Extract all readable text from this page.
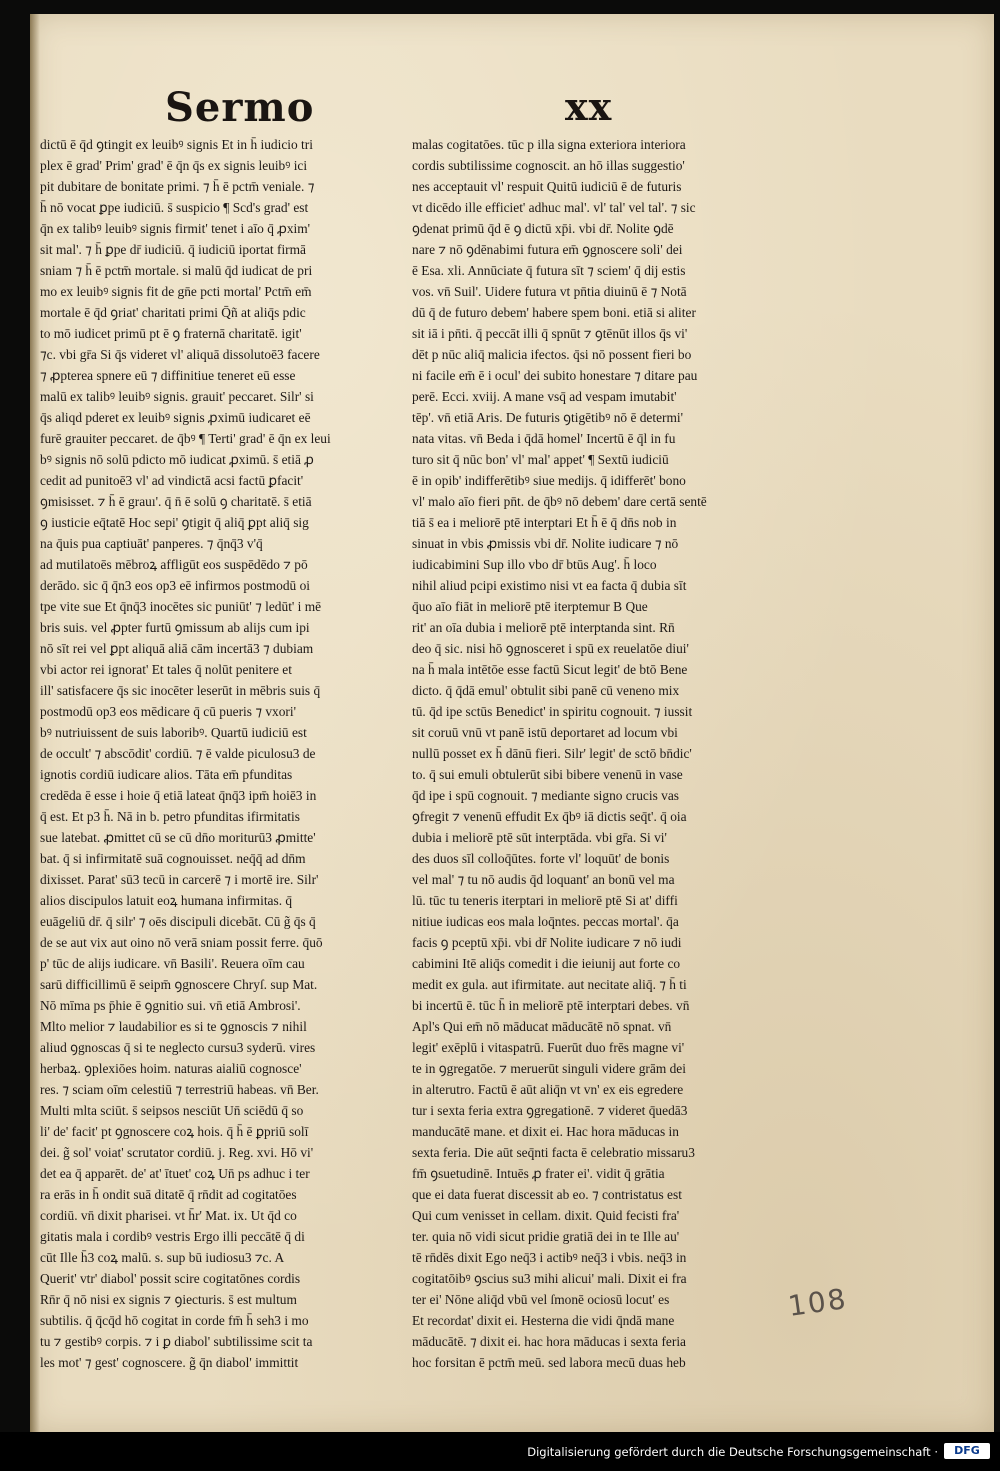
Sermo	xx
dictū ē q̄d ꝯtingit ex leuibꝰ signis Et in h̄ iudicio tri
plex ē grad' Prim' grad' ē q̄n q̄s ex signis leuibꝰ ici
pit dubitare de bonitate primi. ⁊ h̄ ē pctm̄ veniale. ⁊
h̄ nō vocat ꝑpe iudiciū. s̄ suspicio ¶ Scd's grad' est
q̄n ex talibꝰ leuibꝰ signis firmit' tenet i aīo q̄ ꝓxim'
sit mal'. ⁊ h̄ ꝑpe dr̄ iudiciū. q̄ iudiciū iportat firmā
sniam ⁊ h̄ ē pctm̄ mortale. si malū q̄d iudicat de pri
mo ex leuibꝰ signis fit de gn̄e pcti mortal' Pctm̄ em̄
mortale ē q̄d ꝯriat' charitati primi Q̄ñ at aliq̄s pdic
to mō iudicet primū pt ē ꝯ fraternā charitatē. igit'
⁊c. vbi gr̄a Si q̄s videret vl' aliquā dissolutoē3 facere
⁊ ꝓpterea spnere eū ⁊ diffinitiue teneret eū esse
malū ex talibꝰ leuibꝰ signis. grauit' peccaret. Silr' si
q̄s aliqd pderet ex leuibꝰ signis ꝓximū iudicaret eē
furē grauiter peccaret. de q̄bꝰ ¶ Terti' grad' ē q̄n ex leui
bꝰ signis nō solū pdicto mō iudicat ꝓximū. s̄ etiā ꝓ
cedit ad punitoē3 vl' ad vindictā acsi factū ꝑfacit'
ꝯmisisset. ⁊ h̄ ē grauı'. q̄ n̄ ē solū ꝯ charitatē. s̄ etiā
ꝯ iusticie eq̄tatē Hoc sepi' ꝯtigit q̄ aliq̄ ꝑpt aliq̄ sig
na q̄uis pua captiuāt' panperes. ⁊ q̄nq̄3 v'q̄
ad mutilatoēs mēbroꝝ affligūt eos suspēdēdo ⁊ pō
derādo. sic q̄ q̄n3 eos op3 eē infirmos postmodū oi
tpe vite sue Et q̄nq̄3 inocētes sic puniūt' ⁊ ledūt' i mē
bris suis. vel ꝓpter furtū ꝯmissum ab alijs cum ipi
nō sīt rei vel ꝑpt aliquā aliā cām incertā3 ⁊ dubiam
vbi actor rei ignorat' Et tales q̄ nolūt penitere et
ill' satisfacere q̄s sic inocēter leserūt in mēbris suis q̄
postmodū op3 eos mēdicare q̄ cū pueris ⁊ vxori'
bꝰ nutriuissent de suis laboribꝰ. Quartū iudiciū est
de occult' ⁊ abscōdit' cordiū. ⁊ ē valde piculosu3 de
ignotis cordiū iudicare alios. Tāta em̄ pfunditas
credēda ē esse i hoie q̄ etiā lateat q̄nq̄3 ipm̄ hoiē3 in
q̄ est. Et p3 h̄. Nā in b. petro pfunditas ifirmitatis
sue latebat. ꝓmittet cū se cū dn̄o moriturū3 ꝓmitte'
bat. q̄ si infirmitatē suā cognouisset. neq̄q̄ ad dn̄m
dixisset. Parat' sū3 tecū in carcerē ⁊ i mortē ire. Silr'
alios discipulos latuit eoꝝ humana infirmitas. q̄
euāgeliū dr̄. q̄ silr' ⁊ oēs discipuli dicebāt. Cū g̃ q̄s q̄
de se aut vix aut oino nō verā sniam possit ferre. q̄uō
p' tūc de alijs iudicare. vn̄ Basili'. Reuera oīm cau
sarū difficillimū ē seipm̄ ꝯgnoscere Chryſ. sup Mat.
Nō mīma ps p̄hie ē ꝯgnitio sui. vn̄ etiā Ambrosi'.
Mlto melior ⁊ laudabilior es si te ꝯgnoscis ⁊ nihil
aliud ꝯgnoscas q̄ si te neglecto cursu3 syderū. vires
herbaꝝ. ꝯplexiōes hoim. naturas aialiū cognosce'
res. ⁊ sciam oīm celestiū ⁊ terrestriū habeas. vn̄ Ber.
Multi mlta sciūt. s̄ seipsos nesciūt Un̄ sciēdū q̄ so
li' de' facit' pt ꝯgnoscere coꝝ hois. q̄ h̄ ē ꝑpriū solī
dei. g̃ sol' voiat' scrutator cordiū. j. Reg. xvi. Hō vi'
det ea q̄ apparēt. de' at' ītuet' coꝝ Un̄ ps adhuc i ter
ra erās in h̄ ondit suā ditatē q̄ rn̄dit ad cogitatōes
cordiū. vn̄ dixit pharisei. vt h̄r' Mat. ix. Ut q̄d co
gitatis mala i cordibꝰ vestris Ergo illi peccātē q̄ di
cūt Ille h̄3 coꝝ malū. s. sup bū iudiosu3 ⁊c. A
Querit' vtr' diabol' possit scire cogitatōnes cordis
Rn̄r q̄ nō nisi ex signis ⁊ ꝯiecturis. s̄ est multum
subtilis. q̄ q̄cq̄d hō cogitat in corde fm̄ h̄ seh3 i mo
tu ⁊ gestibꝰ corpis. ⁊ i ꝑ diabol' subtilissime scit ta
les mot' ⁊ gest' cognoscere. g̃ q̄n diabol' immittit
malas cogitatōes. tūc p illa signa exteriora interiora
cordis subtilissime cognoscit. an hō illas suggestio'
nes acceptauit vl' respuit Quitū iudiciū ē de futuris
vt dicēdo ille efficiet' adhuc mal'. vl' tal' vel tal'. ⁊ sic
ꝯdenat primū q̄d ē ꝯ dictū xp̄i. vbi dr̄. Nolite ꝯdē
nare ⁊ nō ꝯdēnabimi futura em̄ ꝯgnoscere soli' dei
ē Esa. xli. Annūciate q̄ futura sīt ⁊ sciem' q̄ dij estis
vos. vn̄ Suil'. Uidere futura vt pn̄tia diuinū ē ⁊ Notā
dū q̄ de futuro debem' habere spem boni. etiā si aliter
sit iā i pn̄ti. q̄ peccāt illi q̄ spnūt ⁊ ꝯtēnūt illos q̄s vi'
dēt p nūc aliq̄ malicia ifectos. q̄si nō possent fieri bo
ni facile em̄ ē i ocul' dei subito honestare ⁊ ditare pau
perē. Ecci. xviij. A mane vsq̄ ad vespam imutabit'
tēp'. vn̄ etiā Aris. De futuris ꝯtigētibꝰ nō ē determi'
nata vitas. vn̄ Beda i q̄dā homel' Incertū ē q̄l in fu
turo sit q̄ nūc bon' vl' mal' appet' ¶ Sextū iudiciū
ē in opib' indifferētibꝰ siue medijs. q̄ idifferēt' bono
vl' malo aīo fieri pn̄t. de q̄bꝰ nō debem' dare certā sentē
tiā s̄ ea i meliorē ptē interptari Et h̄ ē q̄ dn̄s nob in
sinuat in vbis ꝓmissis vbi dr̄. Nolite iudicare ⁊ nō
iudicabimini Sup illo vbo dr̄ btūs Aug'. h̄ loco
nihil aliud pcipi existimo nisi vt ea facta q̄ dubia sīt
q̄uo aīo fiāt in meliorē ptē iterptemur B Que
rit' an oīa dubia i meliorē ptē interptanda sint. Rn̄
deo q̄ sic. nisi hō ꝯgnosceret i spū ex reuelatōe diui'
na h̄ mala intētōe esse factū Sicut legit' de btō Bene
dicto. q̄ q̄dā emul' obtulit sibi panē cū veneno mix
tū. q̄d ipe sctūs Benedict' in spiritu cognouit. ⁊ iussit
sit coruū vnū vt panē istū deportaret ad locum vbi
nullū posset ex h̄ dānū fieri. Silr' legit' de sctō bn̄dic'
to. q̄ sui emuli obtulerūt sibi bibere venenū in vase
q̄d ipe i spū cognouit. ⁊ mediante signo crucis vas
ꝯfregit ⁊ venenū effudit Ex q̄bꝰ iā dictis seq̄t'. q̄ oia
dubia i meliorē ptē sūt interptāda. vbi gr̄a. Si vi'
des duos sīl colloq̄ūtes. forte vl' loquūt' de bonis
vel mal' ⁊ tu nō audis q̄d loquant' an bonū vel ma
lū. tūc tu teneris iterptari in meliorē ptē Si at' diffi
nitiue iudicas eos mala loq̄ntes. peccas mortal'. q̄a
facis ꝯ pceptū xp̄i. vbi dr̄ Nolite iudicare ⁊ nō iudi
cabimini Itē aliq̄s comedit i die ieiunij aut forte co
medit ex gula. aut ifirmitate. aut necitate aliq̄. ⁊ h̄ ti
bi incertū ē. tūc h̄ in meliorē ptē interptari debes. vn̄
Apl's Qui em̄ nō māducat māducātē nō spnat. vn̄
legit' exēplū i vitaspatrū. Fuerūt duo frēs magne vi'
te in ꝯgregatōe. ⁊ meruerūt singuli videre grām dei
in alterutro. Factū ē aūt aliq̄n vt vn' ex eis egredere
tur i sexta feria extra ꝯgregationē. ⁊ videret q̄uedā3
manducātē mane. et dixit ei. Hac hora māducas in
sexta feria. Die aūt seq̄nti facta ē celebratio missaru3
fm̄ ꝯsuetudinē. Intuēs ꝓ frater ei'. vidit q̄ grātia
que ei data fuerat discessit ab eo. ⁊ contristatus est
Qui cum venisset in cellam. dixit. Quid fecisti fra'
ter. quia nō vidi sicut pridie gratiā dei in te Ille au'
tē rn̄dēs dixit Ego neq̄3 i actibꝰ neq̄3 i vbis. neq̄3 in
cogitatōibꝰ ꝯscius su3 mihi alicui' mali. Dixit ei fra
ter ei' Nōne aliq̄d vbū vel ſmonē ociosū locut' es
Et recordat' dixit ei. Hesterna die vidi q̄ndā mane
māducātē. ⁊ dixit ei. hac hora māducas i sexta feria
hoc forsitan ē pctm̄ meū. sed labora mecū duas heb
108
Digitalisierung gefördert durch die Deutsche Forschungsgemeinschaft ·	DFG
